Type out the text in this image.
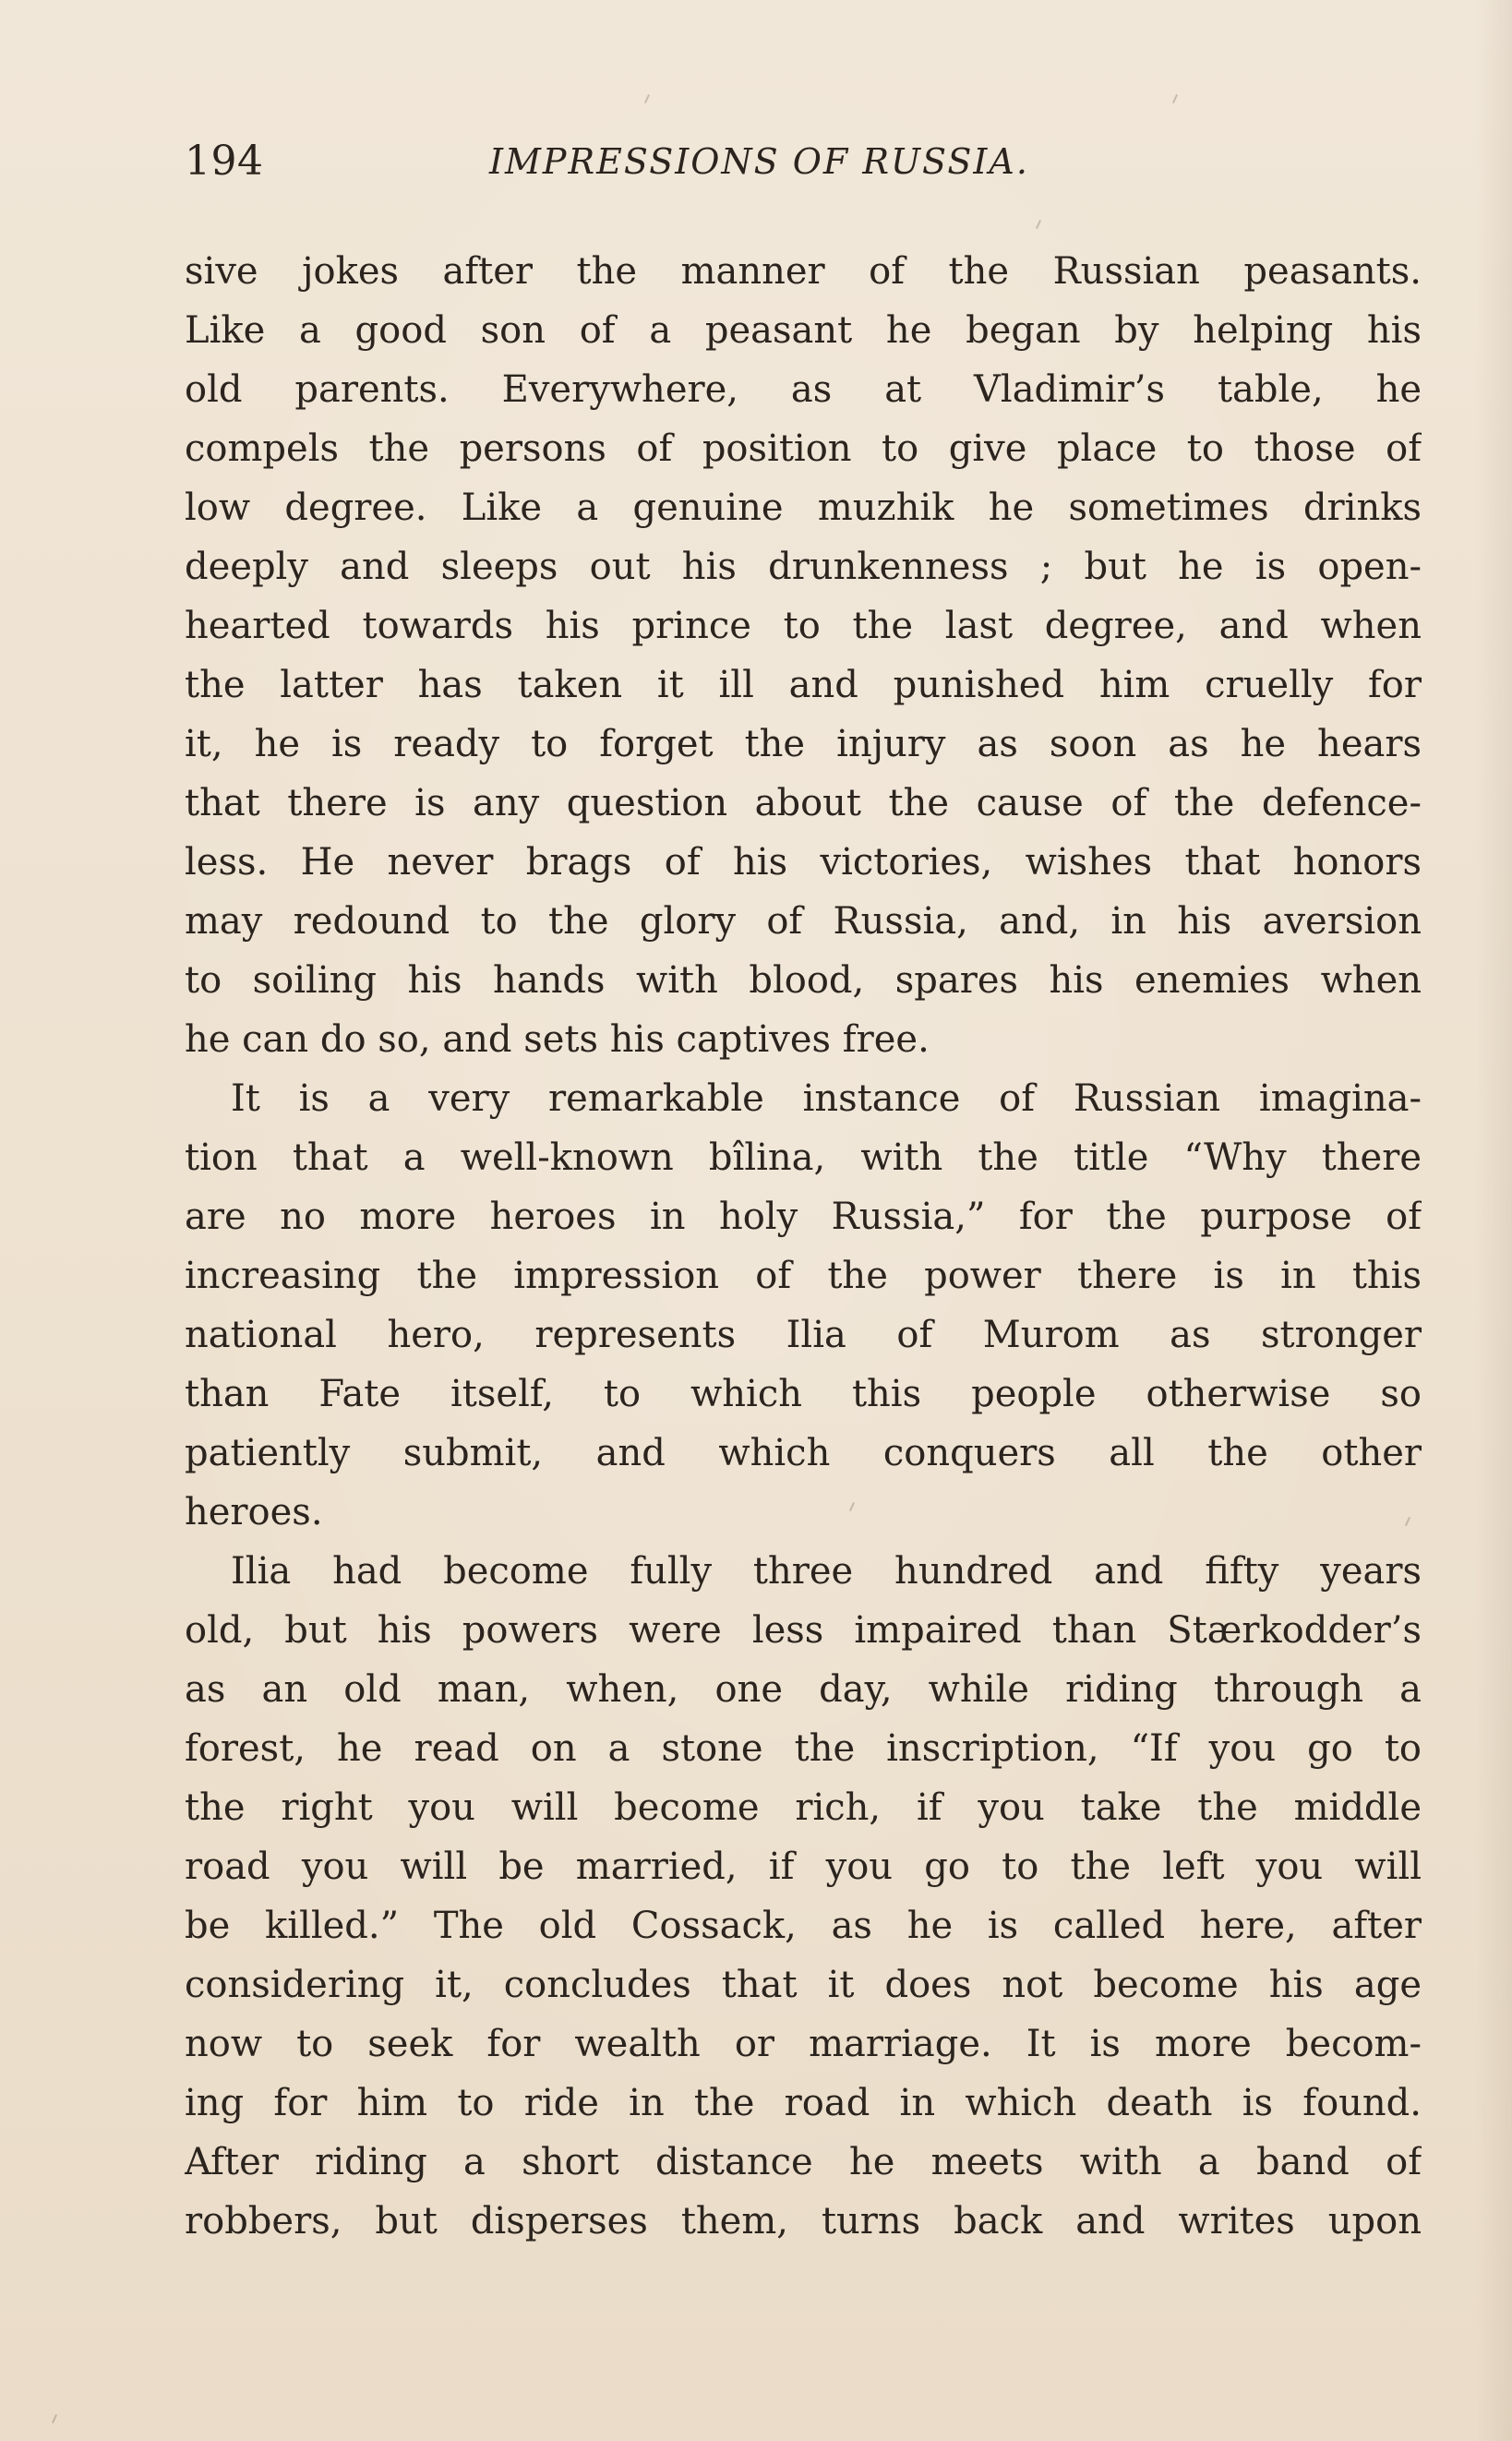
194	IMPRESSIONS OF RUSSIA.
sive jokes after the manner of the Russian peasants.
Like a good son of a peasant he began by helping his
old parents. Everywhere, as at Vladimir’s table, he
compels the persons of position to give place to those of
low degree. Like a genuine muzhik he sometimes drinks
deeply and sleeps out his drunkenness ; but he is open-
hearted towards his prince to the last degree, and when
the latter has taken it ill and punished him cruelly for
it, he is ready to forget the injury as soon as he hears
that there is any question about the cause of the defence-
less. He never brags of his victories, wishes that honors
may redound to the glory of Russia, and, in his aversion
to soiling his hands with blood, spares his enemies when
he can do so, and sets his captives free.
It is a very remarkable instance of Russian imagina-
tion that a well-known bîlina, with the title “Why there
are no more heroes in holy Russia,” for the purpose of
increasing the impression of the power there is in this
national hero, represents Ilia of Murom as stronger
than Fate itself, to which this people otherwise so
patiently submit, and which conquers all the other
heroes.
Ilia had become fully three hundred and fifty years
old, but his powers were less impaired than Stærkodder’s
as an old man, when, one day, while riding through a
forest, he read on a stone the inscription, “If you go to
the right you will become rich, if you take the middle
road you will be married, if you go to the left you will
be killed.” The old Cossack, as he is called here, after
considering it, concludes that it does not become his age
now to seek for wealth or marriage. It is more becom-
ing for him to ride in the road in which death is found.
After riding a short distance he meets with a band of
robbers, but disperses them, turns back and writes upon
